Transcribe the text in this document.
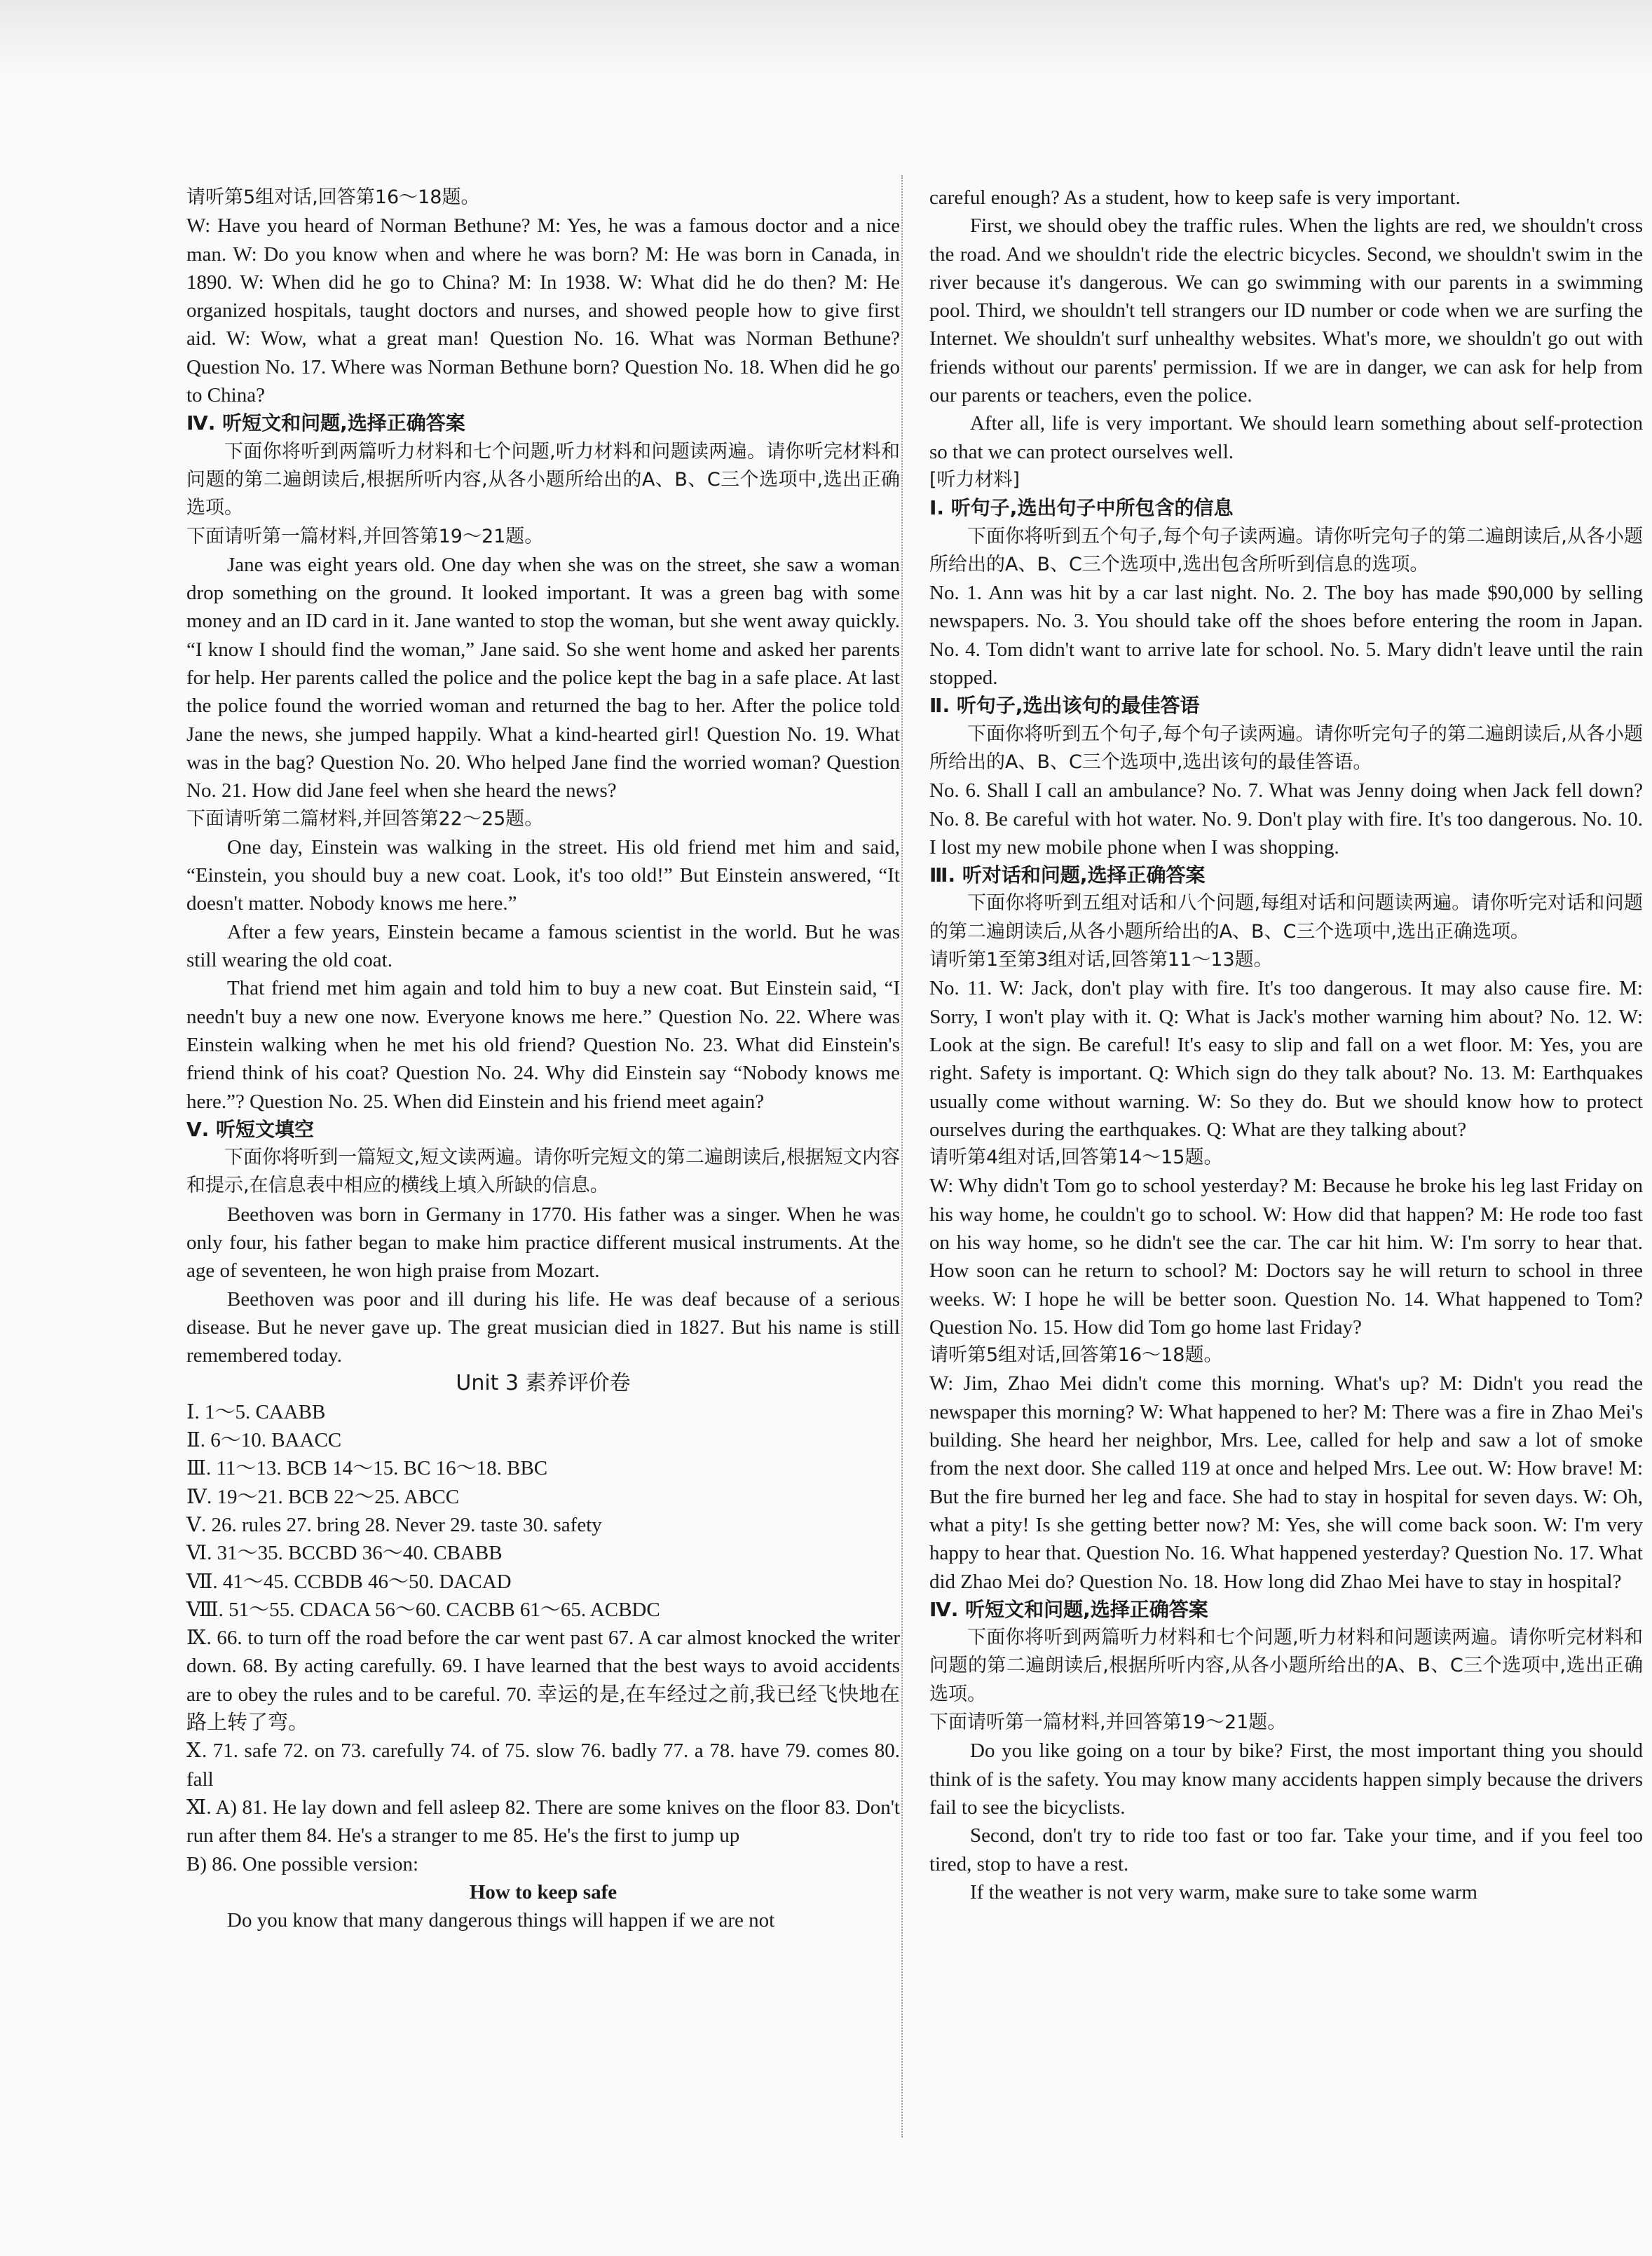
请听第5组对话,回答第16～18题。

W: Have you heard of Norman Bethune? M: Yes, he was a famous doctor and a nice man. W: Do you know when and where he was born? M: He was born in Canada, in 1890. W: When did he go to China? M: In 1938. W: What did he do then? M: He organized hospitals, taught doctors and nurses, and showed people how to give first aid. W: Wow, what a great man! Question No. 16. What was Norman Bethune? Question No. 17. Where was Norman Bethune born? Question No. 18. When did he go to China?

Ⅳ. 听短文和问题,选择正确答案

下面你将听到两篇听力材料和七个问题,听力材料和问题读两遍。请你听完材料和问题的第二遍朗读后,根据所听内容,从各小题所给出的A、B、C三个选项中,选出正确选项。

下面请听第一篇材料,并回答第19～21题。

Jane was eight years old. One day when she was on the street, she saw a woman drop something on the ground. It looked important. It was a green bag with some money and an ID card in it. Jane wanted to stop the woman, but she went away quickly. “I know I should find the woman,” Jane said. So she went home and asked her parents for help. Her parents called the police and the police kept the bag in a safe place. At last the police found the worried woman and returned the bag to her. After the police told Jane the news, she jumped happily. What a kind-hearted girl! Question No. 19. What was in the bag? Question No. 20. Who helped Jane find the worried woman? Question No. 21. How did Jane feel when she heard the news?

下面请听第二篇材料,并回答第22～25题。

One day, Einstein was walking in the street. His old friend met him and said, “Einstein, you should buy a new coat. Look, it's too old!” But Einstein answered, “It doesn't matter. Nobody knows me here.”

After a few years, Einstein became a famous scientist in the world. But he was still wearing the old coat.

That friend met him again and told him to buy a new coat. But Einstein said, “I needn't buy a new one now. Everyone knows me here.” Question No. 22. Where was Einstein walking when he met his old friend? Question No. 23. What did Einstein's friend think of his coat? Question No. 24. Why did Einstein say “Nobody knows me here.”? Question No. 25. When did Einstein and his friend meet again?

Ⅴ. 听短文填空

下面你将听到一篇短文,短文读两遍。请你听完短文的第二遍朗读后,根据短文内容和提示,在信息表中相应的横线上填入所缺的信息。

Beethoven was born in Germany in 1770. His father was a singer. When he was only four, his father began to make him practice different musical instruments. At the age of seventeen, he won high praise from Mozart.

Beethoven was poor and ill during his life. He was deaf because of a serious disease. But he never gave up. The great musician died in 1827. But his name is still remembered today.

Unit 3 素养评价卷

Ⅰ. 1～5. CAABB

Ⅱ. 6～10. BAACC

Ⅲ. 11～13. BCB 14～15. BC 16～18. BBC

Ⅳ. 19～21. BCB 22～25. ABCC

Ⅴ. 26. rules 27. bring 28. Never 29. taste 30. safety

Ⅵ. 31～35. BCCBD 36～40. CBABB

Ⅶ. 41～45. CCBDB 46～50. DACAD

Ⅷ. 51～55. CDACA 56～60. CACBB 61～65. ACBDC

Ⅸ. 66. to turn off the road before the car went past 67. A car almost knocked the writer down. 68. By acting carefully. 69. I have learned that the best ways to avoid accidents are to obey the rules and to be careful. 70. 幸运的是,在车经过之前,我已经飞快地在路上转了弯。

Ⅹ. 71. safe 72. on 73. carefully 74. of 75. slow 76. badly 77. a 78. have 79. comes 80. fall

Ⅺ. A) 81. He lay down and fell asleep 82. There are some knives on the floor 83. Don't run after them 84. He's a stranger to me 85. He's the first to jump up

B) 86. One possible version:

How to keep safe

Do you know that many dangerous things will happen if we are not

careful enough? As a student, how to keep safe is very important.

First, we should obey the traffic rules. When the lights are red, we shouldn't cross the road. And we shouldn't ride the electric bicycles. Second, we shouldn't swim in the river because it's dangerous. We can go swimming with our parents in a swimming pool. Third, we shouldn't tell strangers our ID number or code when we are surfing the Internet. We shouldn't surf unhealthy websites. What's more, we shouldn't go out with friends without our parents' permission. If we are in danger, we can ask for help from our parents or teachers, even the police.

After all, life is very important. We should learn something about self-protection so that we can protect ourselves well.

[听力材料]

Ⅰ. 听句子,选出句子中所包含的信息

下面你将听到五个句子,每个句子读两遍。请你听完句子的第二遍朗读后,从各小题所给出的A、B、C三个选项中,选出包含所听到信息的选项。

No. 1. Ann was hit by a car last night. No. 2. The boy has made $90,000 by selling newspapers. No. 3. You should take off the shoes before entering the room in Japan. No. 4. Tom didn't want to arrive late for school. No. 5. Mary didn't leave until the rain stopped.

Ⅱ. 听句子,选出该句的最佳答语

下面你将听到五个句子,每个句子读两遍。请你听完句子的第二遍朗读后,从各小题所给出的A、B、C三个选项中,选出该句的最佳答语。

No. 6. Shall I call an ambulance? No. 7. What was Jenny doing when Jack fell down? No. 8. Be careful with hot water. No. 9. Don't play with fire. It's too dangerous. No. 10. I lost my new mobile phone when I was shopping.

Ⅲ. 听对话和问题,选择正确答案

下面你将听到五组对话和八个问题,每组对话和问题读两遍。请你听完对话和问题的第二遍朗读后,从各小题所给出的A、B、C三个选项中,选出正确选项。

请听第1至第3组对话,回答第11～13题。

No. 11. W: Jack, don't play with fire. It's too dangerous. It may also cause fire. M: Sorry, I won't play with it. Q: What is Jack's mother warning him about? No. 12. W: Look at the sign. Be careful! It's easy to slip and fall on a wet floor. M: Yes, you are right. Safety is important. Q: Which sign do they talk about? No. 13. M: Earthquakes usually come without warning. W: So they do. But we should know how to protect ourselves during the earthquakes. Q: What are they talking about?

请听第4组对话,回答第14～15题。

W: Why didn't Tom go to school yesterday? M: Because he broke his leg last Friday on his way home, he couldn't go to school. W: How did that happen? M: He rode too fast on his way home, so he didn't see the car. The car hit him. W: I'm sorry to hear that. How soon can he return to school? M: Doctors say he will return to school in three weeks. W: I hope he will be better soon. Question No. 14. What happened to Tom? Question No. 15. How did Tom go home last Friday?

请听第5组对话,回答第16～18题。

W: Jim, Zhao Mei didn't come this morning. What's up? M: Didn't you read the newspaper this morning? W: What happened to her? M: There was a fire in Zhao Mei's building. She heard her neighbor, Mrs. Lee, called for help and saw a lot of smoke from the next door. She called 119 at once and helped Mrs. Lee out. W: How brave! M: But the fire burned her leg and face. She had to stay in hospital for seven days. W: Oh, what a pity! Is she getting better now? M: Yes, she will come back soon. W: I'm very happy to hear that. Question No. 16. What happened yesterday? Question No. 17. What did Zhao Mei do? Question No. 18. How long did Zhao Mei have to stay in hospital?

Ⅳ. 听短文和问题,选择正确答案

下面你将听到两篇听力材料和七个问题,听力材料和问题读两遍。请你听完材料和问题的第二遍朗读后,根据所听内容,从各小题所给出的A、B、C三个选项中,选出正确选项。

下面请听第一篇材料,并回答第19～21题。

Do you like going on a tour by bike? First, the most important thing you should think of is the safety. You may know many accidents happen simply because the drivers fail to see the bicyclists.

Second, don't try to ride too fast or too far. Take your time, and if you feel too tired, stop to have a rest.

If the weather is not very warm, make sure to take some warm
